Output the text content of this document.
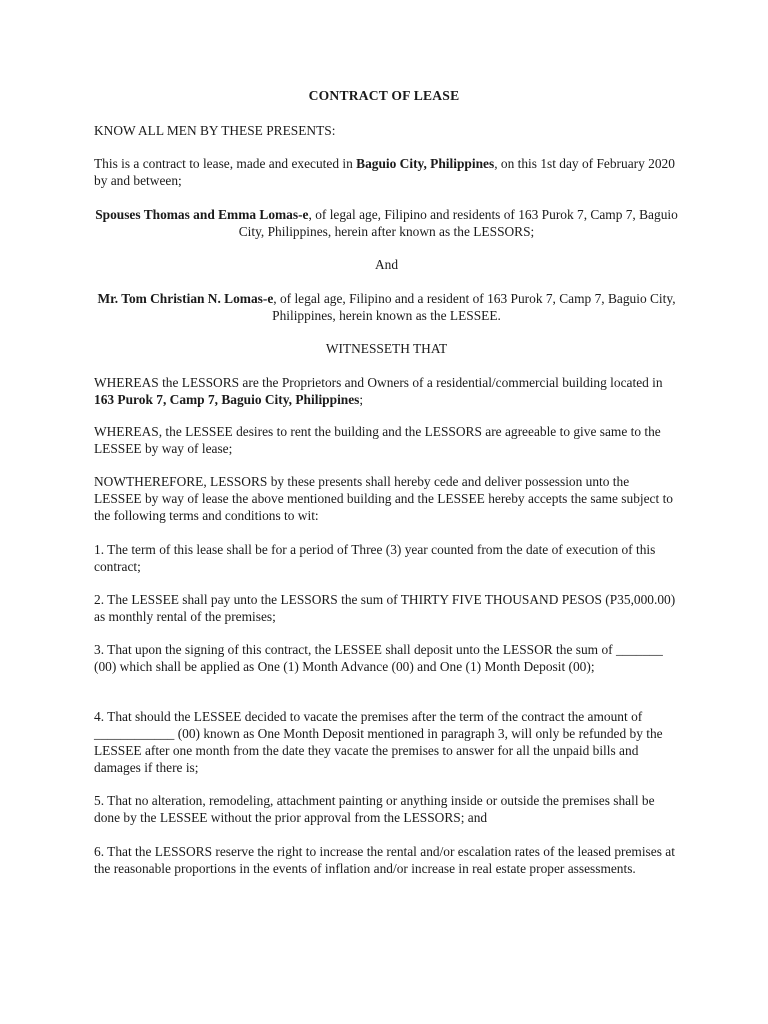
CONTRACT OF LEASE
KNOW ALL MEN BY THESE PRESENTS:
This is a contract to lease, made and executed in Baguio City, Philippines, on this 1st day of February 2020 by and between;
Spouses Thomas and Emma Lomas-e, of legal age, Filipino and residents of 163 Purok 7, Camp 7, Baguio City, Philippines, herein after known as the LESSORS;
And
Mr. Tom Christian N. Lomas-e, of legal age, Filipino and a resident of 163 Purok 7, Camp 7, Baguio City, Philippines, herein known as the LESSEE.
WITNESSETH THAT
WHEREAS the LESSORS are the Proprietors and Owners of a residential/commercial building located in 163 Purok 7, Camp 7, Baguio City, Philippines;
WHEREAS, the LESSEE desires to rent the building and the LESSORS are agreeable to give same to the LESSEE by way of lease;
NOWTHEREFORE, LESSORS by these presents shall hereby cede and deliver possession unto the LESSEE by way of lease the above mentioned building and the LESSEE hereby accepts the same subject to the following terms and conditions to wit:
1. The term of this lease shall be for a period of Three (3) year counted from the date of execution of this contract;
2. The LESSEE shall pay unto the LESSORS the sum of THIRTY FIVE THOUSAND PESOS (P35,000.00) as monthly rental of the premises;
3. That upon the signing of this contract, the LESSEE shall deposit unto the LESSOR the sum of _______ (00) which shall be applied as One (1) Month Advance (00) and One (1) Month Deposit (00);
4. That should the LESSEE decided to vacate the premises after the term of the contract the amount of ____________ (00) known as One Month Deposit mentioned in paragraph 3, will only be refunded by the LESSEE after one month from the date they vacate the premises to answer for all the unpaid bills and damages if there is;
5. That no alteration, remodeling, attachment painting or anything inside or outside the premises shall be done by the LESSEE without the prior approval from the LESSORS; and
6. That the LESSORS reserve the right to increase the rental and/or escalation rates of the leased premises at the reasonable proportions in the events of inflation and/or increase in real estate proper assessments.
